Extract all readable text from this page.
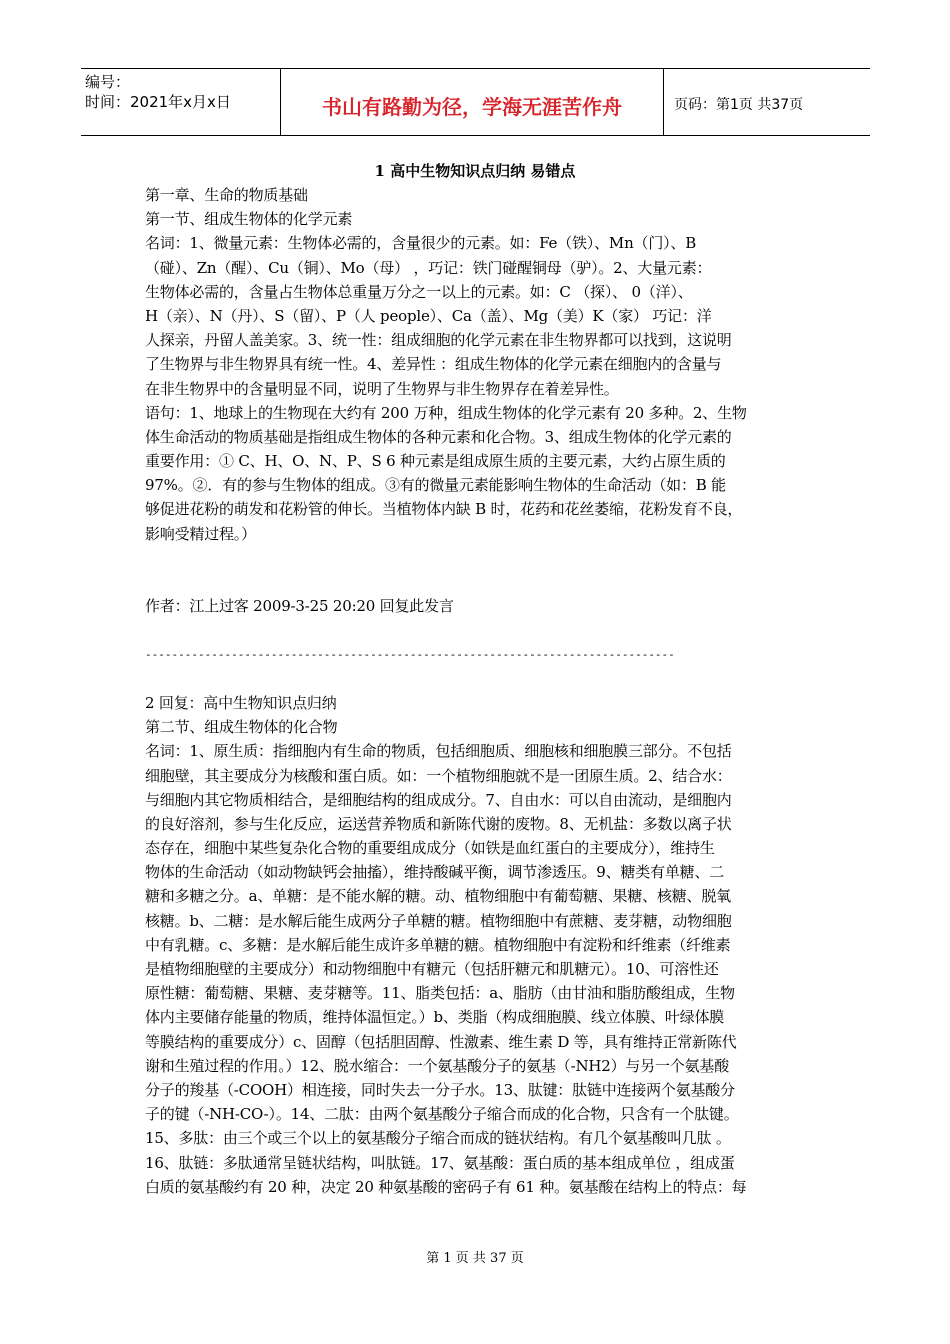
编号：
时间：2021年x月x日	书山有路勤为径，学海无涯苦作舟	页码：第1页 共37页
1 高中生物知识点归纳 易错点
第一章、生命的物质基础
第一节、组成生物体的化学元素
名词：1、微量元素：生物体必需的，含量很少的元素。如：Fe（铁）、Mn（门）、B
（碰）、Zn（醒）、Cu（铜）、Mo（母） ，巧记：铁门碰醒铜母（驴）。2、大量元素：
生物体必需的，含量占生物体总重量万分之一以上的元素。如：C （探）、 0（洋）、
H（亲）、N（丹）、S（留）、P（人 people）、Ca（盖）、Mg（美）K（家） 巧记：洋
人探亲，丹留人盖美家。3、统一性：组成细胞的化学元素在非生物界都可以找到，这说明
了生物界与非生物界具有统一性。4、差异性 ：组成生物体的化学元素在细胞内的含量与
在非生物界中的含量明显不同，说明了生物界与非生物界存在着差异性。
语句：1、地球上的生物现在大约有 200 万种，组成生物体的化学元素有 20 多种。2、生物
体生命活动的物质基础是指组成生物体的各种元素和化合物。3、组成生物体的化学元素的
重要作用：① C、H、O、N、P、S 6 种元素是组成原生质的主要元素，大约占原生质的
97%。②．有的参与生物体的组成。③有的微量元素能影响生物体的生命活动（如：B 能
够促进花粉的萌发和花粉管的伸长。当植物体内缺 B 时，花药和花丝萎缩，花粉发育不良，
影响受精过程。）
作者：江上过客 2009-3-25 20:20 回复此发言
--------------------------------------------------------------------------------
2 回复：高中生物知识点归纳
第二节、组成生物体的化合物
名词：1、原生质：指细胞内有生命的物质，包括细胞质、细胞核和细胞膜三部分。不包括
细胞壁，其主要成分为核酸和蛋白质。如：一个植物细胞就不是一团原生质。2、结合水：
与细胞内其它物质相结合，是细胞结构的组成成分。7、自由水：可以自由流动，是细胞内
的良好溶剂，参与生化反应，运送营养物质和新陈代谢的废物。8、无机盐：多数以离子状
态存在，细胞中某些复杂化合物的重要组成成分（如铁是血红蛋白的主要成分），维持生
物体的生命活动（如动物缺钙会抽搐），维持酸碱平衡，调节渗透压。9、糖类有单糖、二
糖和多糖之分。a、单糖：是不能水解的糖。动、植物细胞中有葡萄糖、果糖、核糖、脱氧
核糖。b、二糖：是水解后能生成两分子单糖的糖。植物细胞中有蔗糖、麦芽糖，动物细胞
中有乳糖。c、多糖：是水解后能生成许多单糖的糖。植物细胞中有淀粉和纤维素（纤维素
是植物细胞壁的主要成分）和动物细胞中有糖元（包括肝糖元和肌糖元）。10、可溶性还
原性糖：葡萄糖、果糖、麦芽糖等。11、脂类包括：a、脂肪（由甘油和脂肪酸组成，生物
体内主要储存能量的物质，维持体温恒定。）b、类脂（构成细胞膜、线立体膜、叶绿体膜
等膜结构的重要成分）c、固醇（包括胆固醇、性激素、维生素 D 等，具有维持正常新陈代
谢和生殖过程的作用。）12、脱水缩合：一个氨基酸分子的氨基（-NH2）与另一个氨基酸
分子的羧基（-COOH）相连接，同时失去一分子水。13、肽键：肽链中连接两个氨基酸分
子的键（-NH-CO-）。14、二肽：由两个氨基酸分子缩合而成的化合物，只含有一个肽键。
15、多肽：由三个或三个以上的氨基酸分子缩合而成的链状结构。有几个氨基酸叫几肽 。
16、肽链：多肽通常呈链状结构，叫肽链。17、氨基酸：蛋白质的基本组成单位 ，组成蛋
白质的氨基酸约有 20 种，决定 20 种氨基酸的密码子有 61 种。氨基酸在结构上的特点：每
第 1 页 共 37 页
